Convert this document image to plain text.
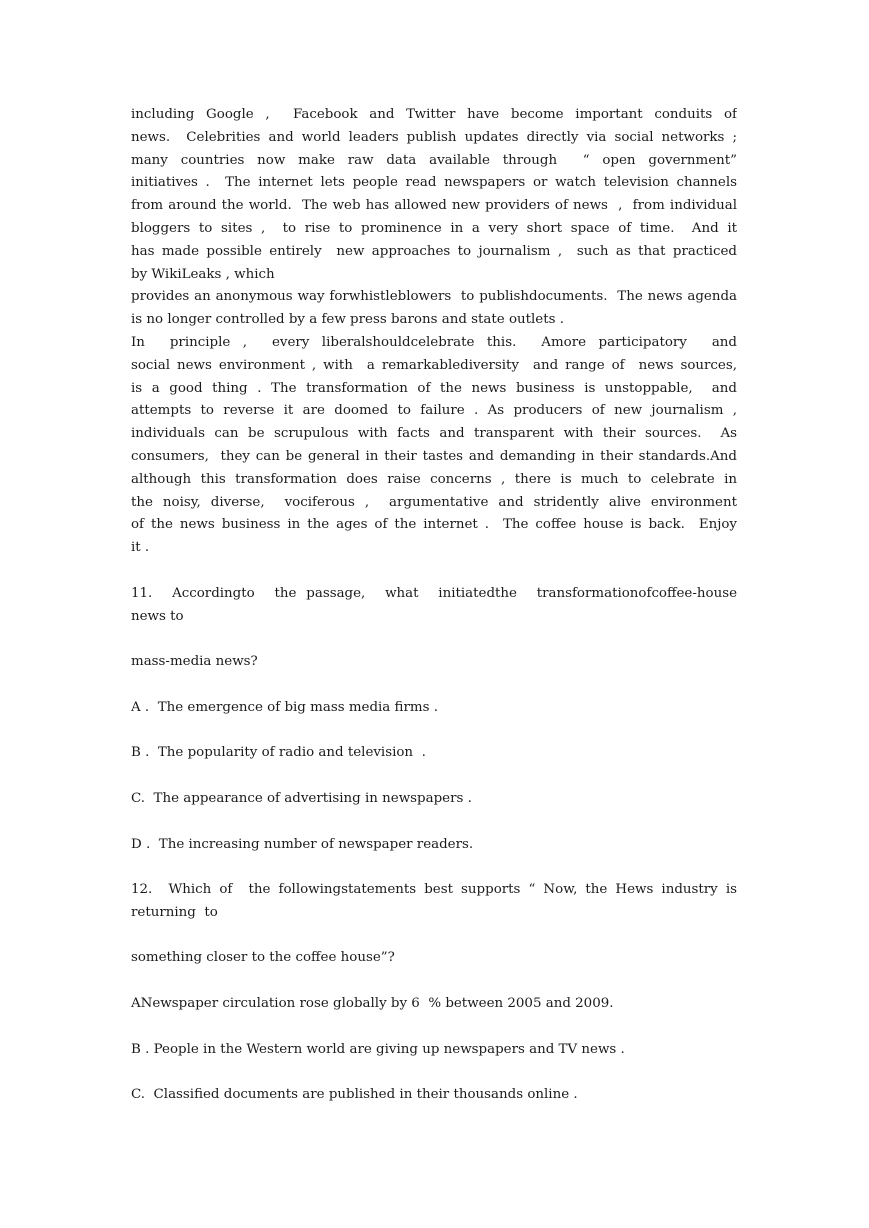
including Google ,  Facebook and Twitter have become important conduits of
news.  Celebrities and world leaders publish updates directly via social networks ;
many countries now make raw data available through  “ open government”
initiatives .  The internet lets people read newspapers or watch television channels
from around the world.  The web has allowed new providers of news  ,  from individual
bloggers to sites ,  to rise to prominence in a very short space of time.  And it
has made possible entirely  new approaches to journalism ,  such as that practiced
by WikiLeaks , which
provides an anonymous way forwhistleblowers  to publishdocuments.  The news agenda
is no longer controlled by a few press barons and state outlets .
In  principle ,  every liberalshouldcelebrate this.  Amore participatory  and
social news environment , with  a remarkablediversity  and range of  news sources,
is a good thing . The transformation of the news business is unstoppable,  and
attempts to reverse it are doomed to failure . As producers of new journalism ,
individuals can be scrupulous with facts and transparent with their sources.  As
consumers,  they can be general in their tastes and demanding in their standards.And
although this transformation does raise concerns , there is much to celebrate in
the noisy, diverse,  vociferous ,  argumentative and stridently alive environment
of the news business in the ages of the internet .  The coffee house is back.  Enjoy
it .
11.  Accordingto  the passage,  what  initiatedthe  transformationofcoffee-house
news to
mass-media news?
A .  The emergence of big mass media firms .
B .  The popularity of radio and television  .
C.  The appearance of advertising in newspapers .
D .  The increasing number of newspaper readers.
12.  Which of  the followingstatements best supports “ Now, the Hews industry is
returning  to
something closer to the coffee house”?
ANewspaper circulation rose globally by 6  % between 2005 and 2009.
B . People in the Western world are giving up newspapers and TV news .
C.  Classified documents are published in their thousands online .
